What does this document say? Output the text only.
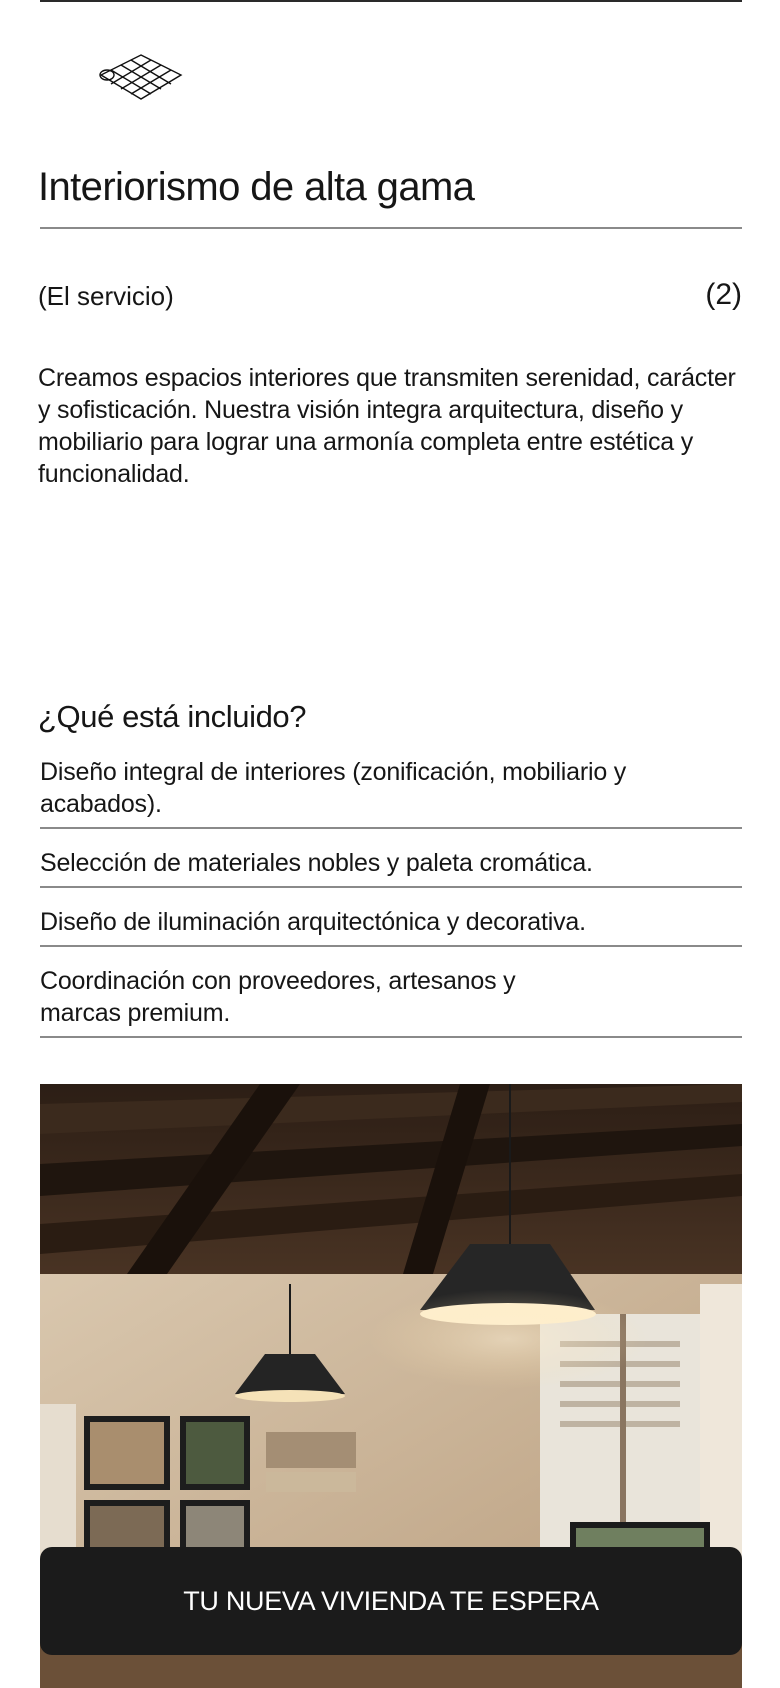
Interiorismo de alta gama
(El servicio)	(2)

Creamos espacios interiores que transmiten serenidad, carácter y sofisticación. Nuestra visión integra arquitectura, diseño y mobiliario para lograr una armonía completa entre estética y funcionalidad.

¿Qué está incluido?
Diseño integral de interiores (zonificación, mobiliario y acabados).
Selección de materiales nobles y paleta cromática.
Diseño de iluminación arquitectónica y decorativa.
Coordinación con proveedores, artesanos y marcas premium.
TU NUEVA VIVIENDA TE ESPERA
